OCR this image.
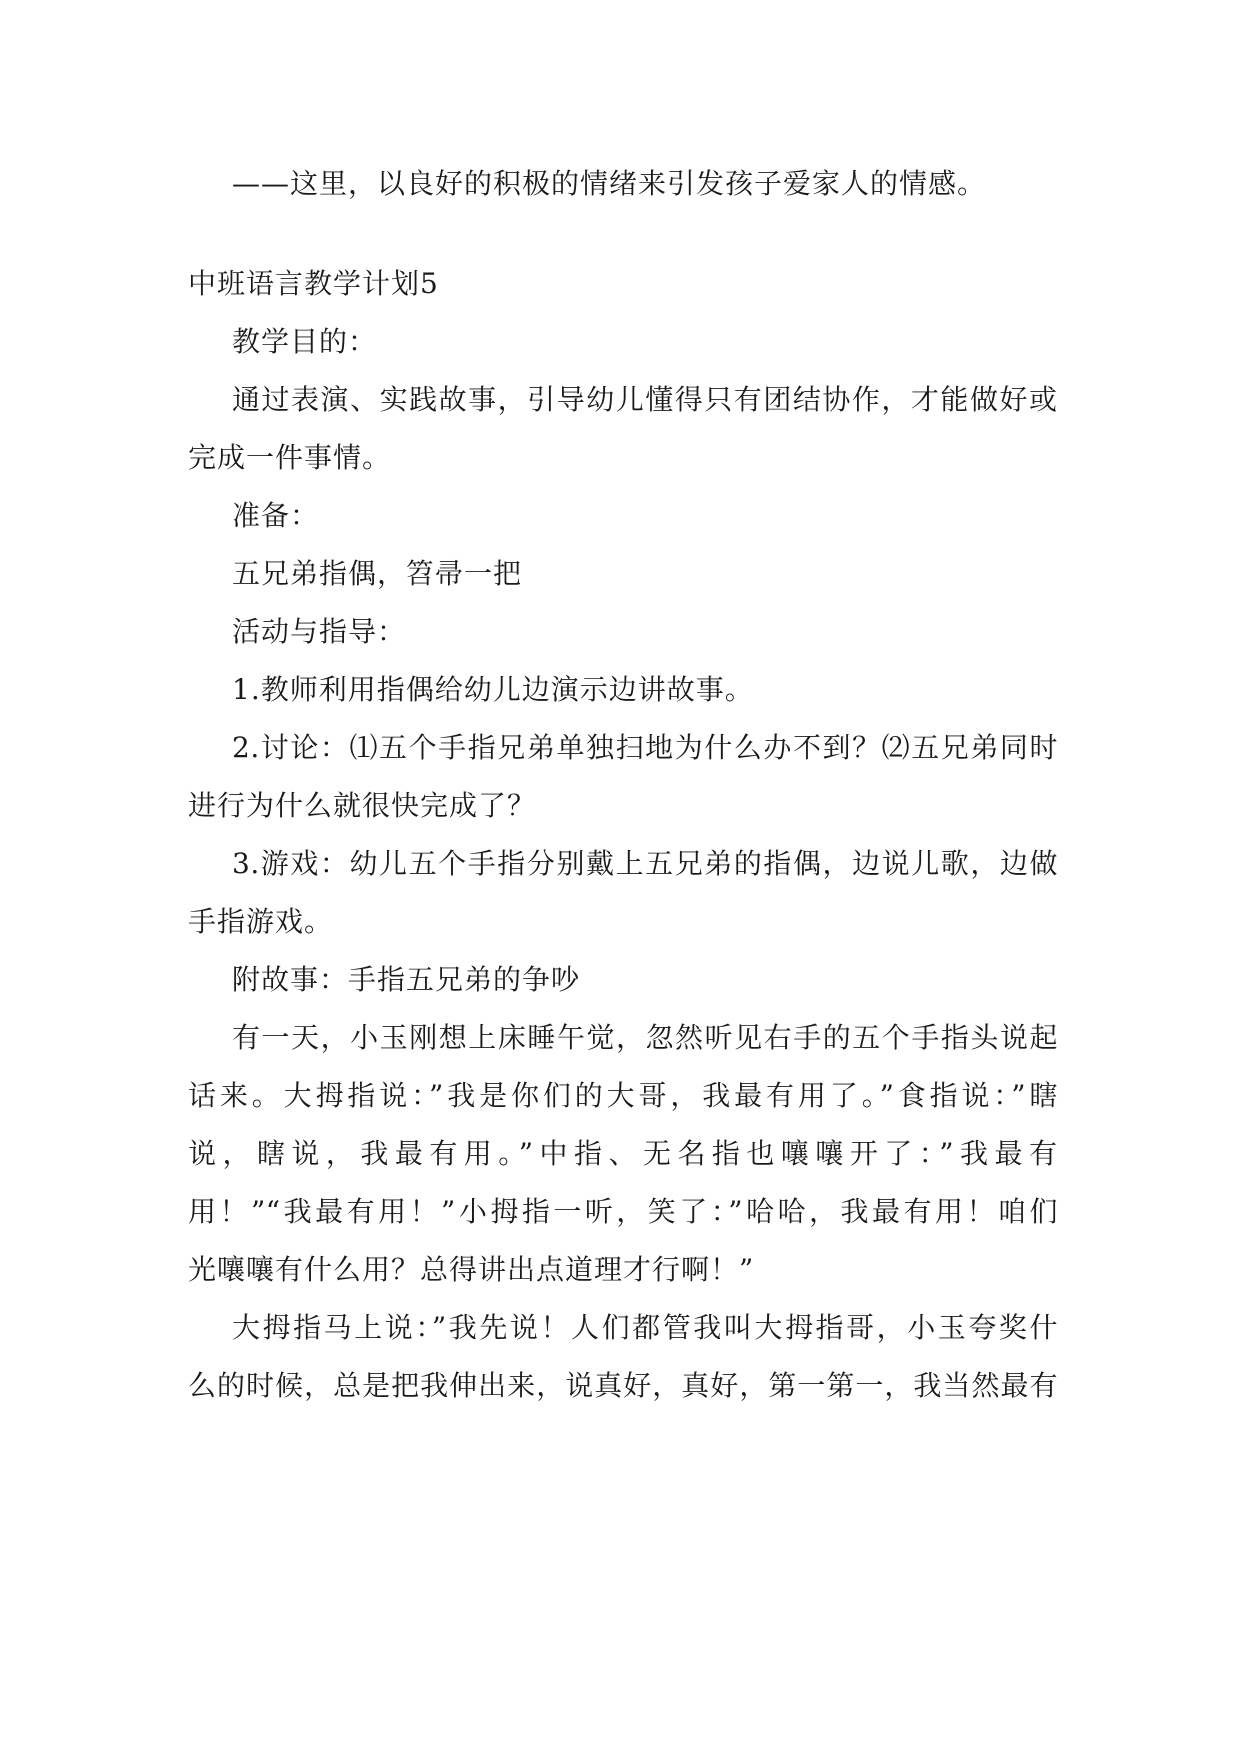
——这里，以良好的积极的情绪来引发孩子爱家人的情感。
中班语言教学计划5
教学目的：
通过表演、实践故事，引导幼儿懂得只有团结协作，才能做好或
完成一件事情。
准备：
五兄弟指偶，笤帚一把
活动与指导：
1.教师利用指偶给幼儿边演示边讲故事。
2.讨论：⑴五个手指兄弟单独扫地为什么办不到？⑵五兄弟同时
进行为什么就很快完成了？
3.游戏：幼儿五个手指分别戴上五兄弟的指偶，边说儿歌，边做
手指游戏。
附故事：手指五兄弟的争吵
有一天，小玉刚想上床睡午觉，忽然听见右手的五个手指头说起
话来。大拇指说：”我是你们的大哥，我最有用了。”食指说：”瞎
说，瞎说，我最有用。”中指、无名指也嚷嚷开了：”我最有
用！”“我最有用！”小拇指一听，笑了：”哈哈，我最有用！咱们
光嚷嚷有什么用？总得讲出点道理才行啊！”
大拇指马上说：”我先说！人们都管我叫大拇指哥，小玉夸奖什
么的时候，总是把我伸出来，说真好，真好，第一第一，我当然最有
